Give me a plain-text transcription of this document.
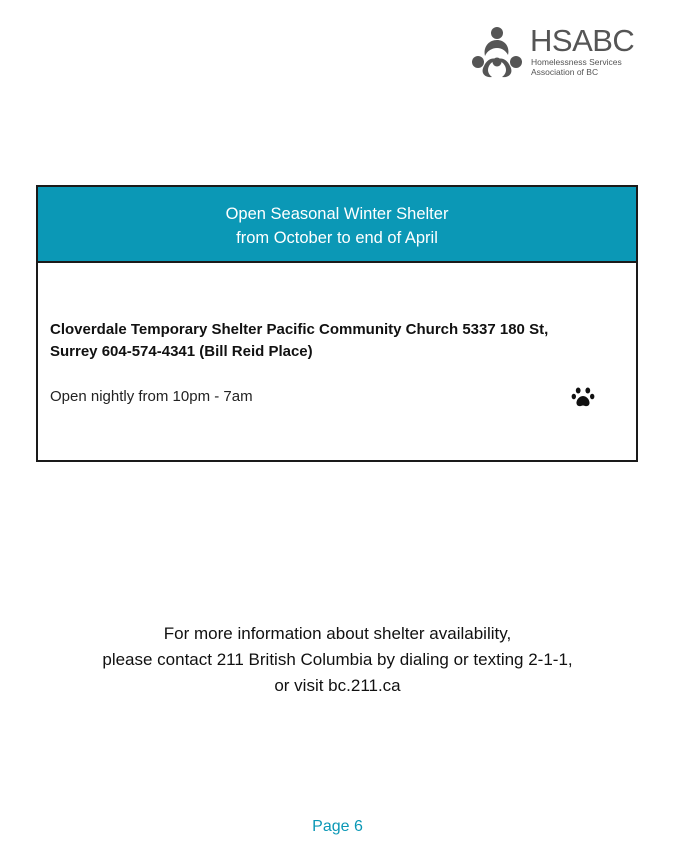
HSABC
Homelessness Services
Association of BC
Open Seasonal Winter Shelter
from October to end of April
Cloverdale Temporary Shelter Pacific Community Church 5337 180 St,
Surrey 604-574-4341 (Bill Reid Place)
Open nightly from 10pm - 7am
For more information about shelter availability,
please contact 211 British Columbia by dialing or texting 2-1-1,
or visit bc.211.ca
Page 6
